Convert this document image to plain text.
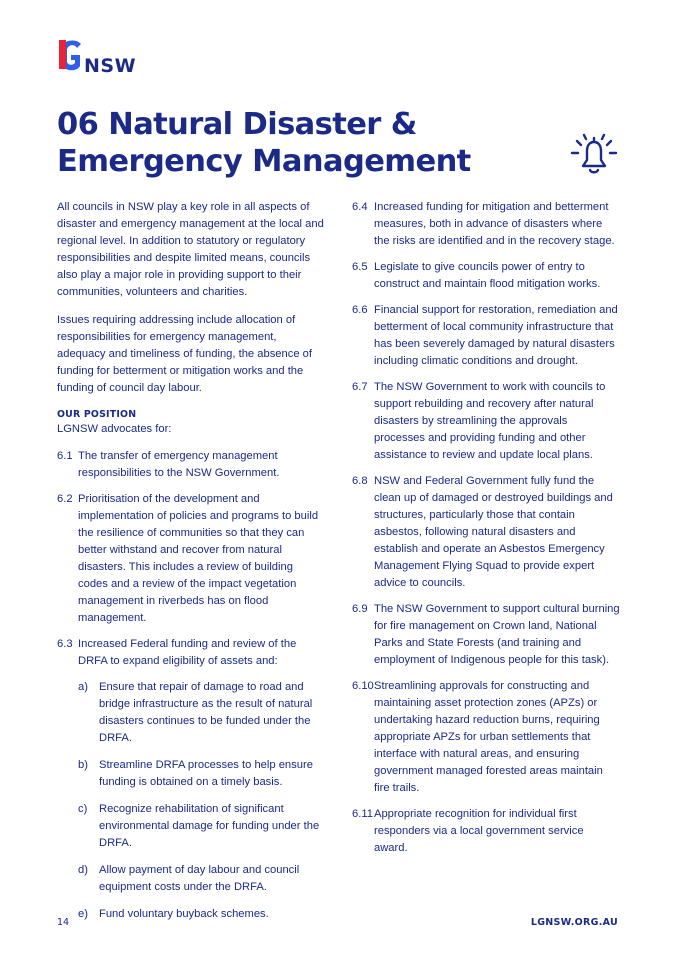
NSW
06 Natural Disaster &
Emergency Management

All councils in NSW play a key role in all aspects of disaster and emergency management at the local and regional level. In addition to statutory or regulatory responsibilities and despite limited means, councils also play a major role in providing support to their communities, volunteers and charities.

Issues requiring addressing include allocation of responsibilities for emergency management, adequacy and timeliness of funding, the absence of funding for betterment or mitigation works and the funding of council day labour.

OUR POSITION

LGNSW advocates for:

6.1 The transfer of emergency management responsibilities to the NSW Government.
6.2 Prioritisation of the development and implementation of policies and programs to build the resilience of communities so that they can better withstand and recover from natural disasters. This includes a review of building codes and a review of the impact vegetation management in riverbeds has on flood management.
6.3 Increased Federal funding and review of the DRFA to expand eligibility of assets and:
a) Ensure that repair of damage to road and bridge infrastructure as the result of natural disasters continues to be funded under the DRFA.
b) Streamline DRFA processes to help ensure funding is obtained on a timely basis.
c)	Recognize rehabilitation of significant environmental damage for funding under the DRFA.
d) Allow payment of day labour and council equipment costs under the DRFA.
e) Fund voluntary buyback schemes.
6.4 Increased funding for mitigation and betterment measures, both in advance of disasters where the risks are identified and in the recovery stage.
6.5 Legislate to give councils power of entry to construct and maintain flood mitigation works.
6.6 Financial support for restoration, remediation and betterment of local community infrastructure that has been severely damaged by natural disasters including climatic conditions and drought.
6.7 The NSW Government to work with councils to support rebuilding and recovery after natural disasters by streamlining the approvals processes and providing funding and other assistance to review and update local plans.
6.8 NSW and Federal Government fully fund the clean up of damaged or destroyed buildings and structures, particularly those that contain asbestos, following natural disasters and establish and operate an Asbestos Emergency Management Flying Squad to provide expert advice to councils.
6.9 The NSW Government to support cultural burning for fire management on Crown land, National Parks and State Forests (and training and employment of Indigenous people for this task).
6.10 Streamlining approvals for constructing and maintaining asset protection zones (APZs) or undertaking hazard reduction burns, requiring appropriate APZs for urban settlements that interface with natural areas, and ensuring government managed forested areas maintain fire trails.
6.11 Appropriate recognition for individual first responders via a local government service award.
14	LGNSW.ORG.AU
